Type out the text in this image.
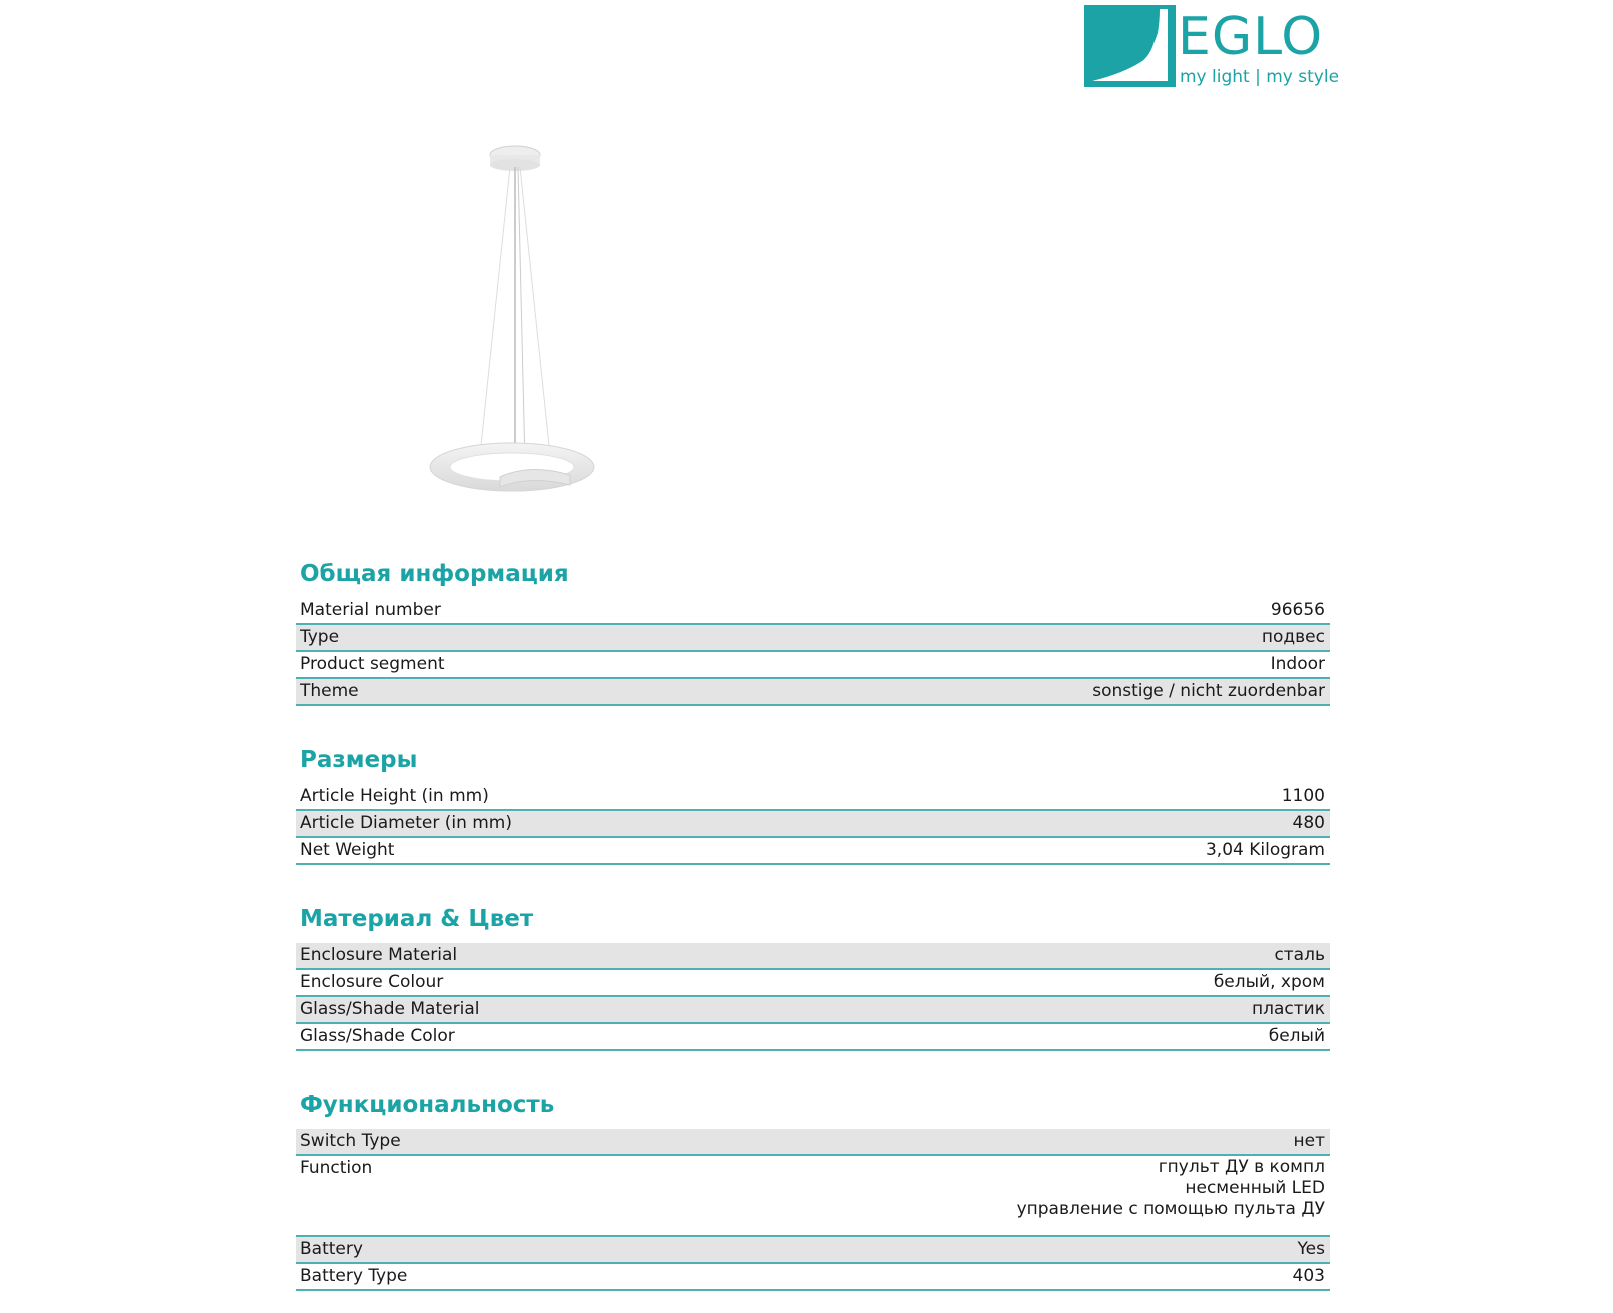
EGLO
my light | my style
Общая информация
Material number	96656
Type	подвес
Product segment	Indoor
Theme	sonstige / nicht zuordenbar
Размеры
Article Height (in mm)	1100
Article Diameter (in mm)	480
Net Weight	3,04 Kilogram
Материал & Цвет
Enclosure Material	сталь
Enclosure Colour	белый, хром
Glass/Shade Material	пластик
Glass/Shade Color	белый
Функциональность
Switch Type	нет
Function	гпульт ДУ в компл
несменный LED
управление с помощью пульта ДУ
Battery	Yes
Battery Type	403
